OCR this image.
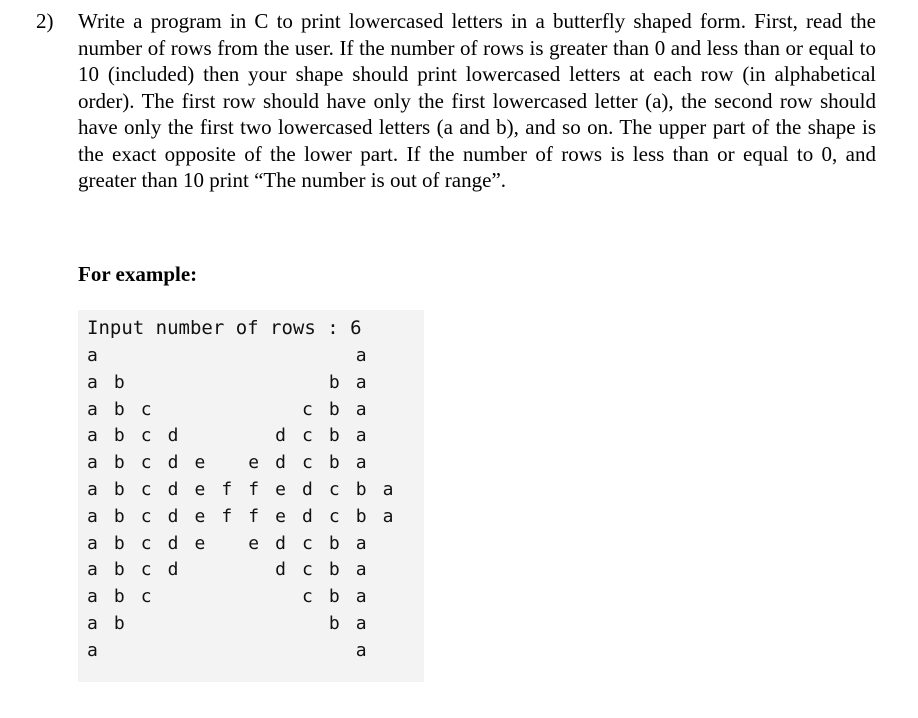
2) Write a program in C to print lowercased letters in a butterfly shaped form. First, read the number of rows from the user. If the number of rows is greater than 0 and less than or equal to 10 (included) then your shape should print lowercased letters at each row (in alphabetical order). The first row should have only the first lowercased letter (a), the second row should have only the first two lowercased letters (a and b), and so on. The upper part of the shape is the exact opposite of the lower part. If the number of rows is less than or equal to 0, and greater than 10 print “The number is out of range”.

For example:

Input number of rows : 6
a                   a
a b               b a
a b c           c b a
a b c d       d c b a
a b c d e   e d c b a
a b c d e f f e d c b a
a b c d e f f e d c b a
a b c d e   e d c b a
a b c d       d c b a
a b c           c b a
a b               b a
a                   a
